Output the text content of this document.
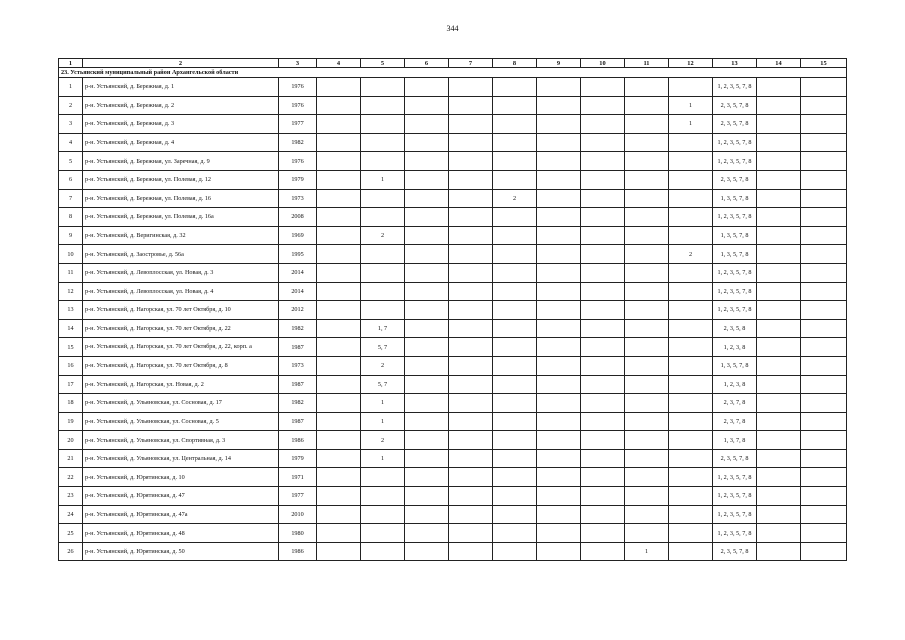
344
1	2	3	4	5	6	7	8	9	10	11	12	13	14	15
23. Устьянский муниципальный район Архангельской области														
1	р-н. Устьянский, д. Бережная, д. 1	1976										1, 2, 3, 5, 7, 8		
2	р-н. Устьянский, д. Бережная, д. 2	1976									1	2, 3, 5, 7, 8		
3	р-н. Устьянский, д. Бережная, д. 3	1977									1	2, 3, 5, 7, 8		
4	р-н. Устьянский, д. Бережная, д. 4	1982										1, 2, 3, 5, 7, 8		
5	р-н. Устьянский, д. Бережная, ул. Заречная, д. 9	1976										1, 2, 3, 5, 7, 8		
6	р-н. Устьянский, д. Бережная, ул. Полевая, д. 12	1979		1								2, 3, 5, 7, 8		
7	р-н. Устьянский, д. Бережная, ул. Полевая, д. 16	1973					2					1, 3, 5, 7, 8		
8	р-н. Устьянский, д. Бережная, ул. Полевая, д. 16а	2008										1, 2, 3, 5, 7, 8		
9	р-н. Устьянский, д. Веригинская, д. 32	1969		2								1, 3, 5, 7, 8		
10	р-н. Устьянский, д. Заостровье, д. 56а	1995									2	1, 3, 5, 7, 8		
11	р-н. Устьянский, д. Левоплосская, ул. Новая, д. 3	2014										1, 2, 3, 5, 7, 8		
12	р-н. Устьянский, д. Левоплосская, ул. Новая, д. 4	2014										1, 2, 3, 5, 7, 8		
13	р-н. Устьянский, д. Нагорская, ул. 70 лет Октября, д. 10	2012										1, 2, 3, 5, 7, 8		
14	р-н. Устьянский, д. Нагорская, ул. 70 лет Октября, д. 22	1982		1, 7								2, 3, 5, 8		
15	р-н. Устьянский, д. Нагорская, ул. 70 лет Октября, д. 22, корп. а	1987		5, 7								1, 2, 3, 8		
16	р-н. Устьянский, д. Нагорская, ул. 70 лет Октября, д. 8	1973		2								1, 3, 5, 7, 8		
17	р-н. Устьянский, д. Нагорская, ул. Новая, д. 2	1987		5, 7								1, 2, 3, 8		
18	р-н. Устьянский, д. Ульяновская, ул. Сосновая, д. 17	1982		1								2, 3, 7, 8		
19	р-н. Устьянский, д. Ульяновская, ул. Сосновая, д. 5	1987		1								2, 3, 7, 8		
20	р-н. Устьянский, д. Ульяновская, ул. Спортивная, д. 3	1986		2								1, 3, 7, 8		
21	р-н. Устьянский, д. Ульяновская, ул. Центральная, д. 14	1979		1								2, 3, 5, 7, 8		
22	р-н. Устьянский, д. Юрятинская, д. 10	1971										1, 2, 3, 5, 7, 8		
23	р-н. Устьянский, д. Юрятинская, д. 47	1977										1, 2, 3, 5, 7, 8		
24	р-н. Устьянский, д. Юрятинская, д. 47а	2010										1, 2, 3, 5, 7, 8		
25	р-н. Устьянский, д. Юрятинская, д. 48	1980										1, 2, 3, 5, 7, 8		
26	р-н. Устьянский, д. Юрятинская, д. 50	1986								1		2, 3, 5, 7, 8		
